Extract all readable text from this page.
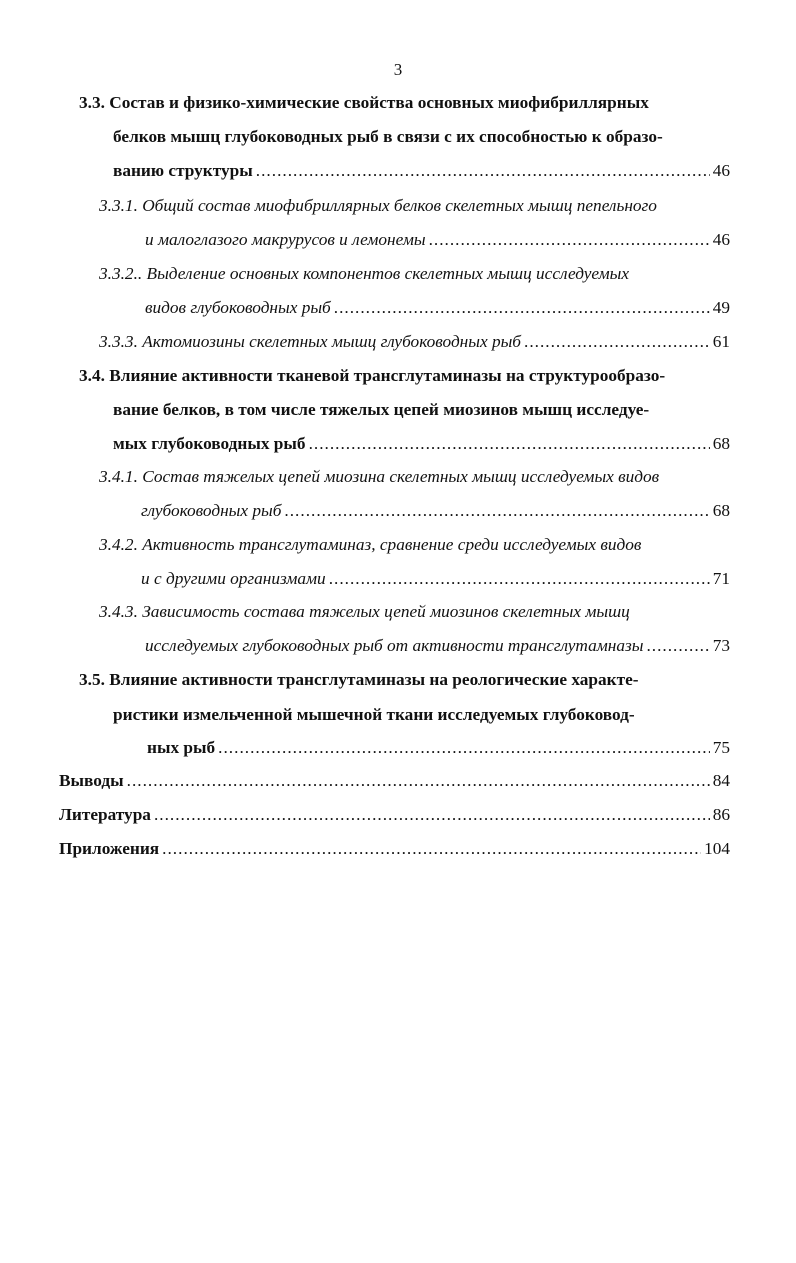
3
3.3. Состав и физико-химические свойства основных миофибриллярных
белков мышц глубоководных рыб в связи с их способностью к образо-
ванию структуры .....	46
3.3.1. Общий состав миофибриллярных белков скелетных мышц пепельного
и малоглазого макрурусов и лемонемы .....	46
3.3.2.. Выделение основных компонентов скелетных мышц исследуемых
видов глубоководных рыб .....	49
3.3.3. Актомиозины скелетных мышц глубоководных рыб .....	61
3.4. Влияние активности тканевой трансглутаминазы на структурообразо-
вание белков, в том числе тяжелых цепей миозинов мышц исследуе-
мых глубоководных рыб .....	68
3.4.1. Состав тяжелых цепей миозина скелетных мышц исследуемых видов
глубоководных рыб .....	68
3.4.2. Активность трансглутаминаз, сравнение среди исследуемых видов
и с другими организмами .....	71
3.4.3. Зависимость состава тяжелых цепей миозинов скелетных мышц
исследуемых глубоководных рыб от активности трансглутамназы .....	73
3.5. Влияние активности трансглутаминазы на реологические характе-
ристики измельченной мышечной ткани исследуемых глубоковод-
ных рыб .....	75
Выводы .....	84
Литература .....	86
Приложения .....	104
